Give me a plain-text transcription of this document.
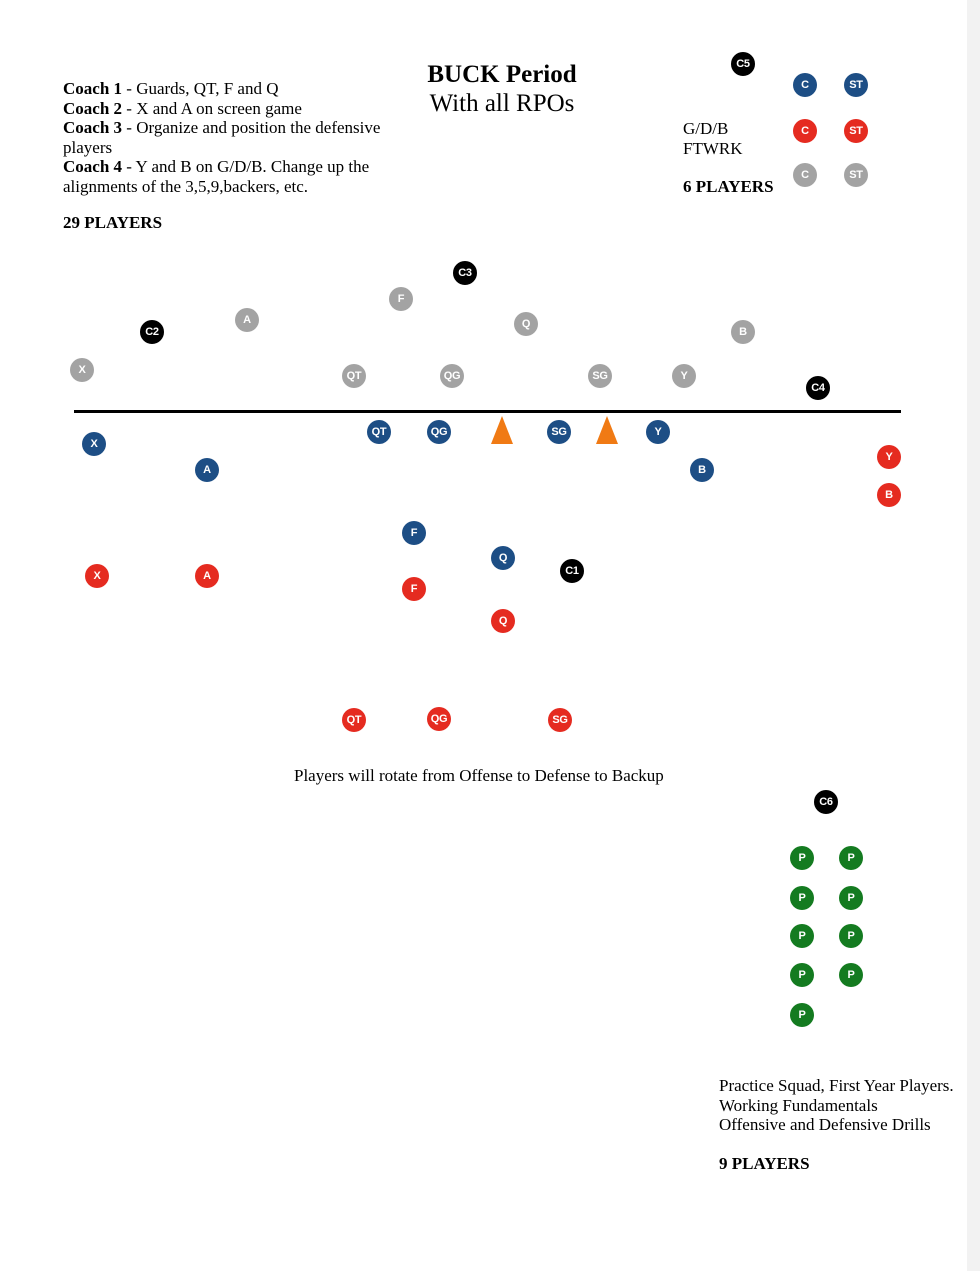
BUCK Period
With all RPOs
Coach 1 - Guards, QT, F and Q
Coach 2 - X and A on screen game
Coach 3 - Organize and position the defensive players
Coach 4 - Y and B on G/D/B. Change up the alignments of the 3,5,9,backers, etc.
29 PLAYERS
G/D/B
FTWRK
6 PLAYERS
Players will rotate from Offense to Defense to Backup
Practice Squad, First Year Players.
Working Fundamentals
Offensive and Defensive Drills
9 PLAYERS
C5
C	ST
C	ST
C	ST
C3
F
A
C2
Q
B
X	QT	QG	SG	Y
C4
X
QT	QG	SG	Y
A	B
Y
B
F
Q
C1
X	A
F
Q
QT	QG	SG
C6
P	P
P	P
P	P
P	P
P
